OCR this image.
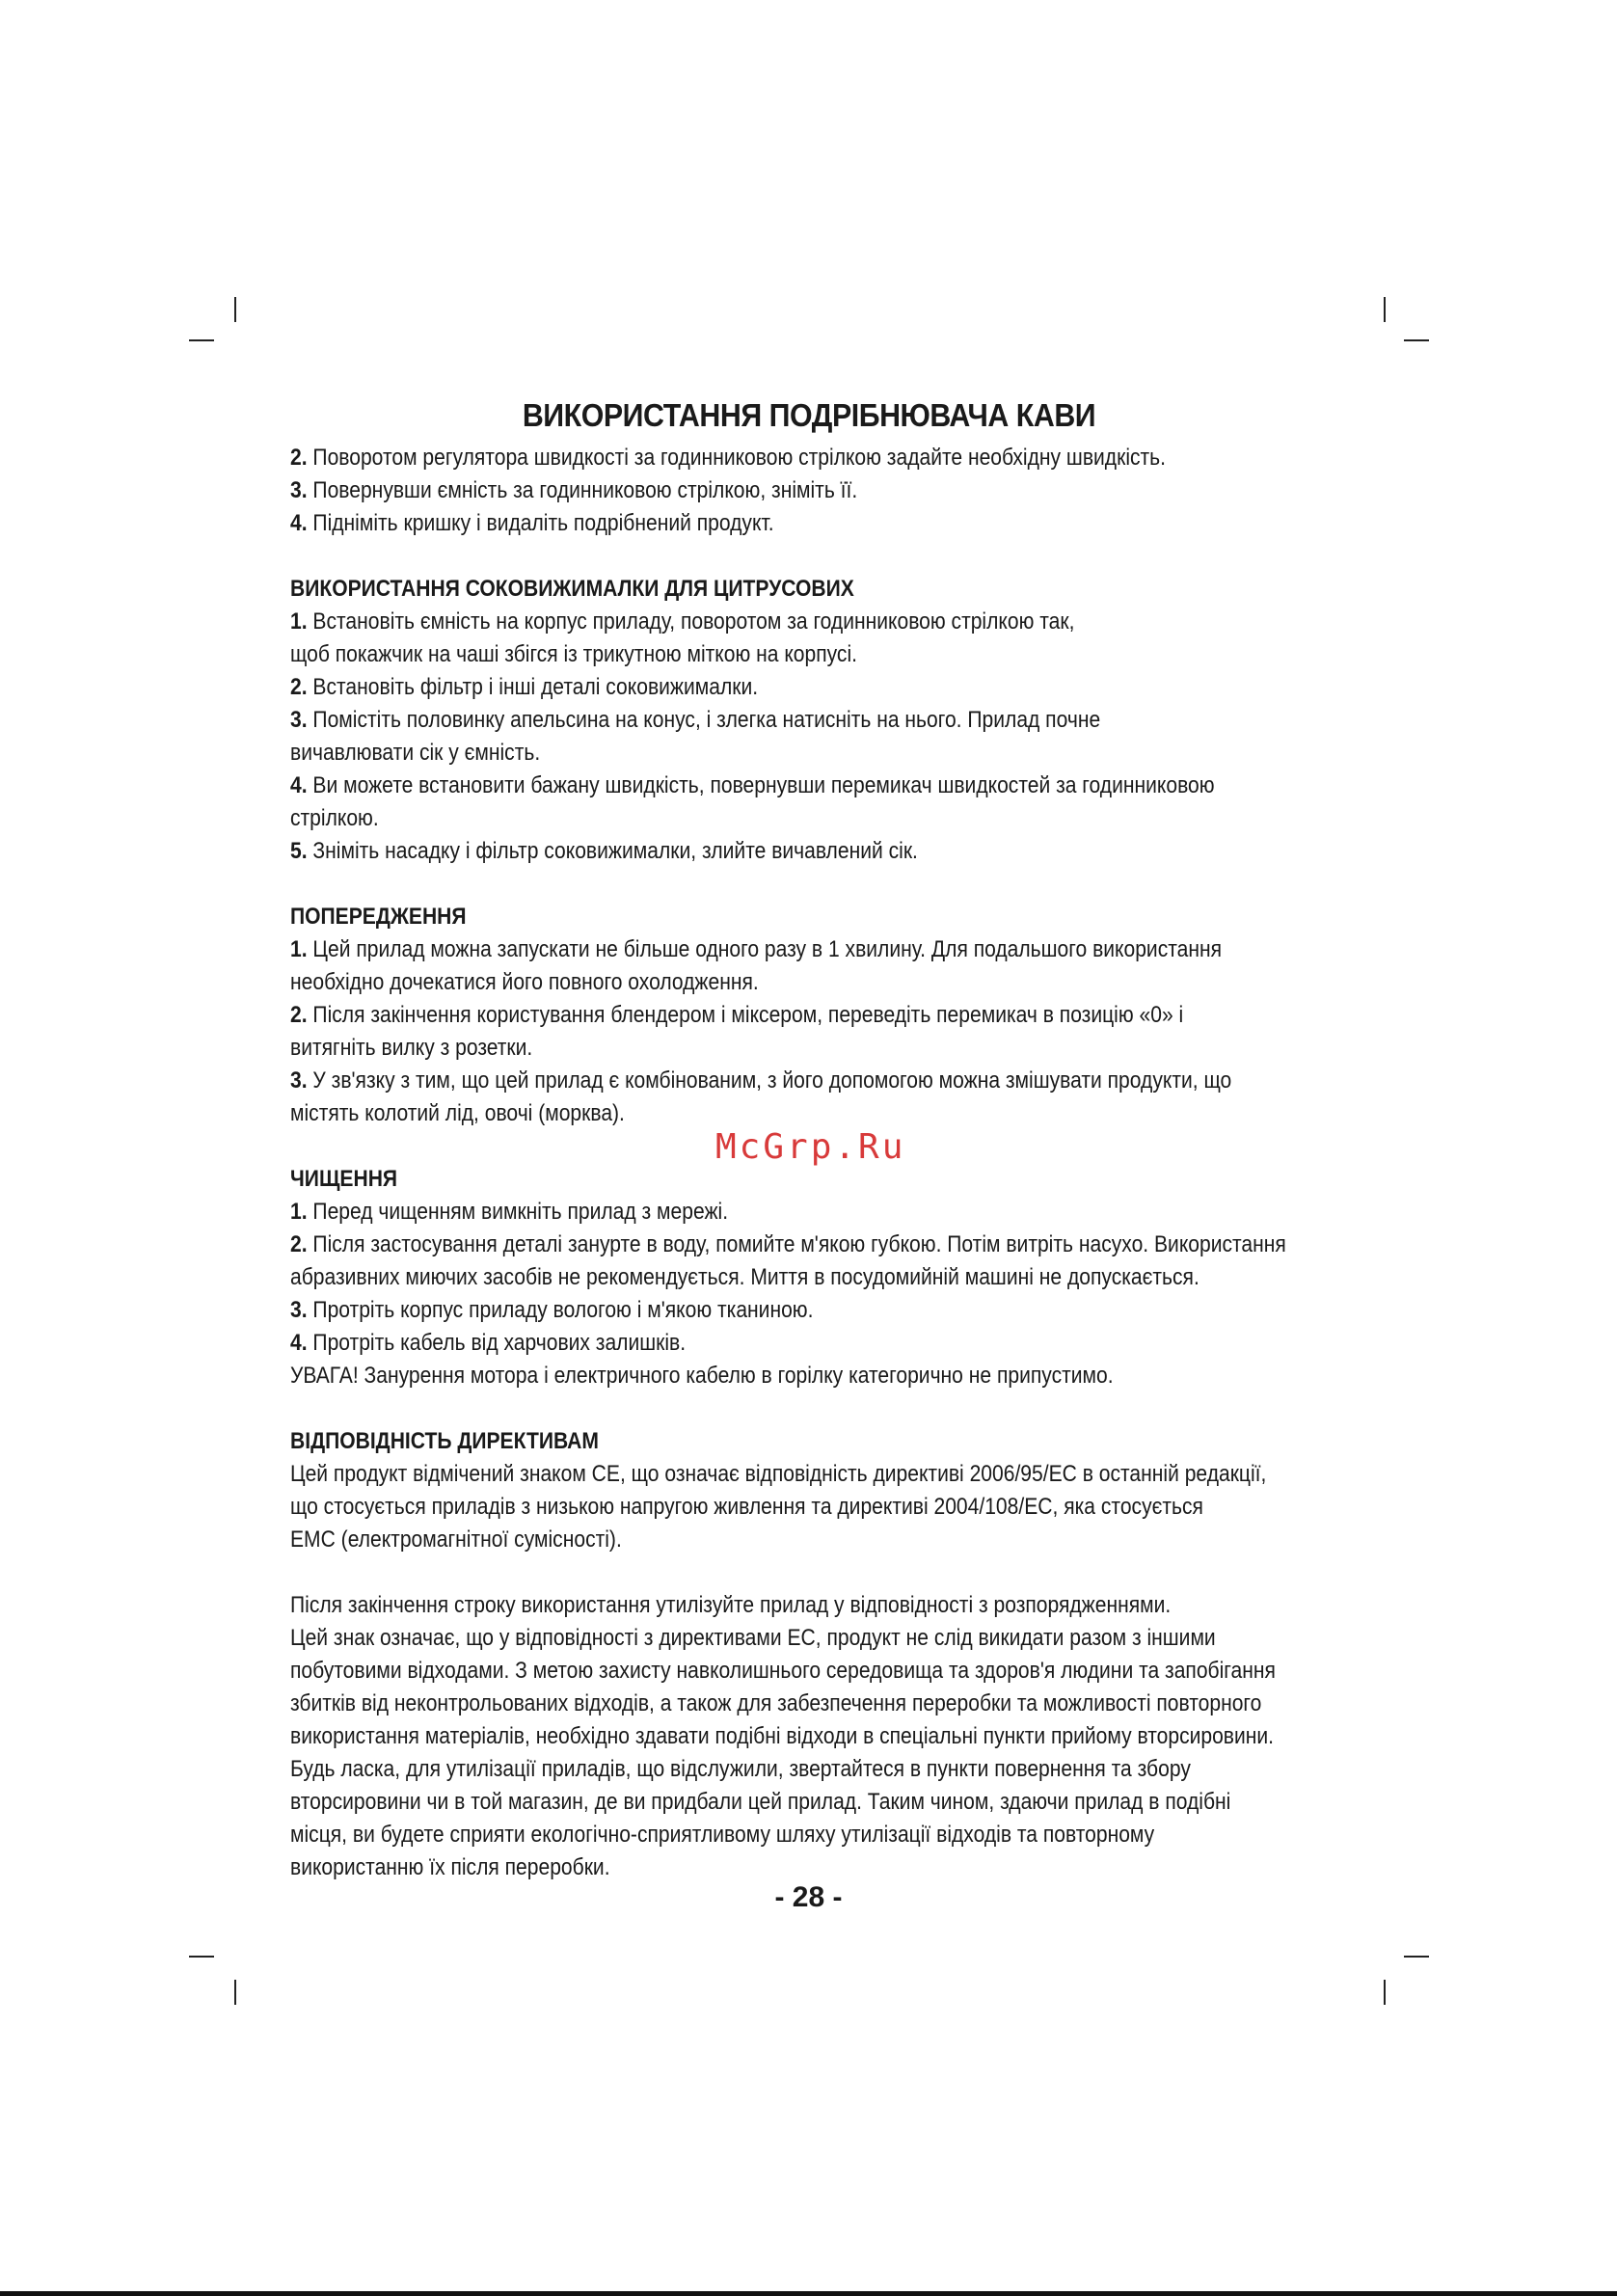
ВИКОРИСТАННЯ ПОДРІБНЮВАЧА КАВИ
2. Поворотом регулятора швидкості за годинниковою стрілкою задайте необхідну швидкість.
3. Повернувши ємність за годинниковою стрілкою, зніміть її.
4. Підніміть кришку і видаліть подрібнений продукт.
ВИКОРИСТАННЯ СОКОВИЖИМАЛКИ ДЛЯ ЦИТРУСОВИХ
1. Встановіть ємність на корпус приладу, поворотом за годинниковою стрілкою так,
щоб покажчик на чаші збігся із трикутною міткою на корпусі.
2. Встановіть фільтр і інші деталі соковижималки.
3. Помістіть половинку апельсина на конус, і злегка натисніть на нього. Прилад почне
вичавлювати сік у ємність.
4. Ви можете встановити бажану швидкість, повернувши перемикач швидкостей за годинниковою
стрілкою.
5. Зніміть насадку і фільтр соковижималки, злийте вичавлений сік.
ПОПЕРЕДЖЕННЯ
1. Цей прилад можна запускати не більше одного разу в 1 хвилину. Для подальшого використання
необхідно дочекатися його повного охолодження.
2. Після закінчення користування блендером і міксером, переведіть перемикач в позицію «0» і
витягніть вилку з розетки.
3. У зв'язку з тим, що цей прилад є комбінованим, з його допомогою можна змішувати продукти, що
містять колотий лід, овочі (морква).
ЧИЩЕННЯ
1. Перед чищенням вимкніть прилад з мережі.
2. Після застосування деталі занурте в воду, помийте м'якою губкою. Потім витріть насухо. Використання
абразивних миючих засобів не рекомендується. Миття в посудомийній машині не допускається.
3. Протріть корпус приладу вологою і м'якою тканиною.
4. Протріть кабель від харчових залишків.
УВАГА! Занурення мотора і електричного кабелю в горілку категорично не припустимо.
ВІДПОВІДНІСТЬ ДИРЕКТИВАМ
Цей продукт відмічений знаком CE, що означає відповідність директиві 2006/95/EC в останній редакції,
що стосується приладів з низькою напругою живлення та директиві 2004/108/EC, яка стосується
EMC (електромагнітної сумісності).
Після закінчення строку використання утилізуйте прилад у відповідності з розпорядженнями.
Цей знак означає, що у відповідності з директивами ЕС, продукт не слід викидати разом з іншими
побутовими відходами. З метою захисту навколишнього середовища та здоров'я людини та запобігання
збитків від неконтрольованих відходів, а також для забезпечення переробки та можливості повторного
використання матеріалів, необхідно здавати подібні відходи в спеціальні пункти прийому вторсировини.
Будь ласка, для утилізації приладів, що відслужили, звертайтеся в пункти повернення та збору
вторсировини чи в той магазин, де ви придбали цей прилад. Таким чином, здаючи прилад в подібні
місця, ви будете сприяти екологічно-сприятливому шляху утилізації відходів та повторному
використанню їх після переробки.
McGrp.Ru
- 28 -
